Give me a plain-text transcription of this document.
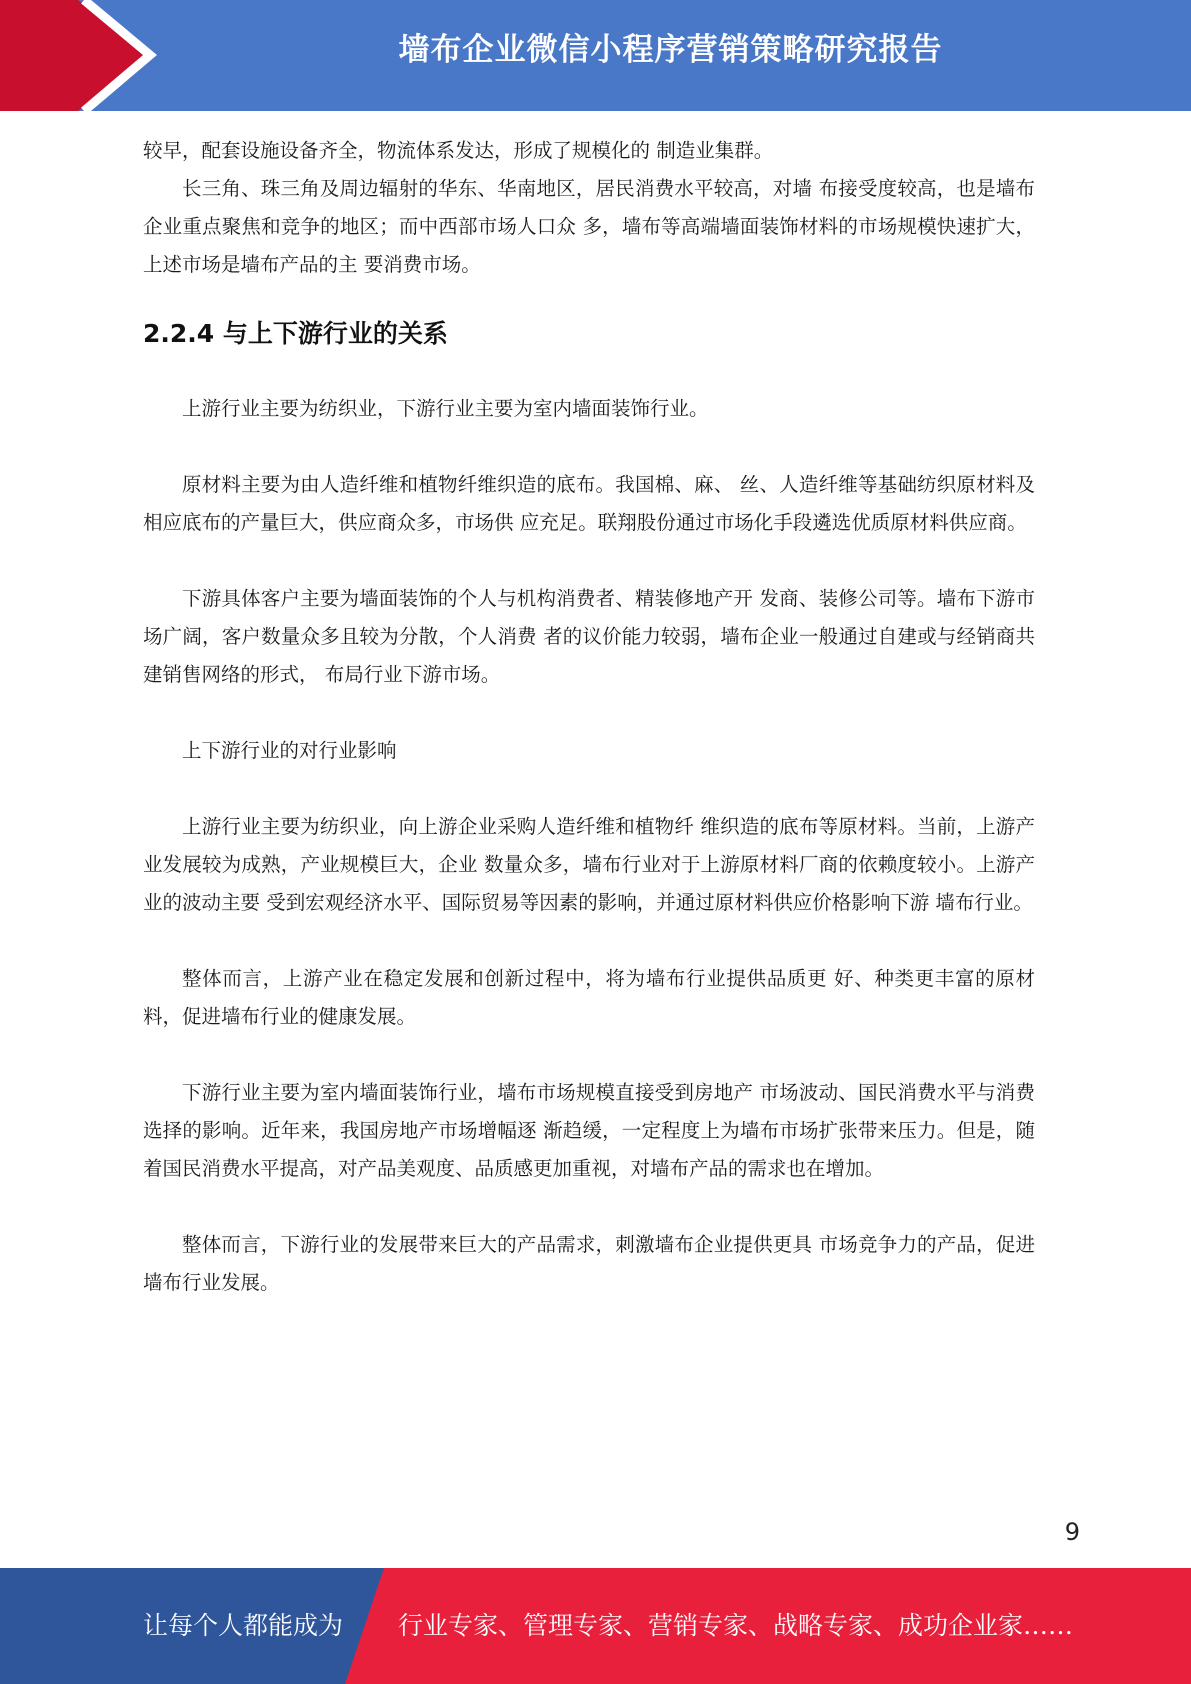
墙布企业微信小程序营销策略研究报告

较早，配套设施设备齐全，物流体系发达，形成了规模化的 制造业集群。

长三角、珠三角及周边辐射的华东、华南地区，居民消费水平较高，对墙 布接受度较高，也是墙布企业重点聚焦和竞争的地区；而中西部市场人口众 多，墙布等高端墙面装饰材料的市场规模快速扩大，上述市场是墙布产品的主 要消费市场。

2.2.4 与上下游行业的关系

上游行业主要为纺织业，下游行业主要为室内墙面装饰行业。

原材料主要为由人造纤维和植物纤维织造的底布。我国棉、麻、 丝、人造纤维等基础纺织原材料及相应底布的产量巨大，供应商众多，市场供 应充足。联翔股份通过市场化手段遴选优质原材料供应商。

下游具体客户主要为墙面装饰的个人与机构消费者、精装修地产开 发商、装修公司等。墙布下游市场广阔，客户数量众多且较为分散，个人消费 者的议价能力较弱，墙布企业一般通过自建或与经销商共建销售网络的形式， 布局行业下游市场。

上下游行业的对行业影响

上游行业主要为纺织业，向上游企业采购人造纤维和植物纤 维织造的底布等原材料。当前，上游产业发展较为成熟，产业规模巨大，企业 数量众多，墙布行业对于上游原材料厂商的依赖度较小。上游产业的波动主要 受到宏观经济水平、国际贸易等因素的影响，并通过原材料供应价格影响下游 墙布行业。

整体而言，上游产业在稳定发展和创新过程中，将为墙布行业提供品质更 好、种类更丰富的原材料，促进墙布行业的健康发展。

下游行业主要为室内墙面装饰行业，墙布市场规模直接受到房地产 市场波动、国民消费水平与消费选择的影响。近年来，我国房地产市场增幅逐 渐趋缓，一定程度上为墙布市场扩张带来压力。但是，随着国民消费水平提高，对产品美观度、品质感更加重视，对墙布产品的需求也在增加。

整体而言，下游行业的发展带来巨大的产品需求，刺激墙布企业提供更具 市场竞争力的产品，促进墙布行业发展。

9
让每个人都能成为 行业专家、管理专家、营销专家、战略专家、成功企业家……
